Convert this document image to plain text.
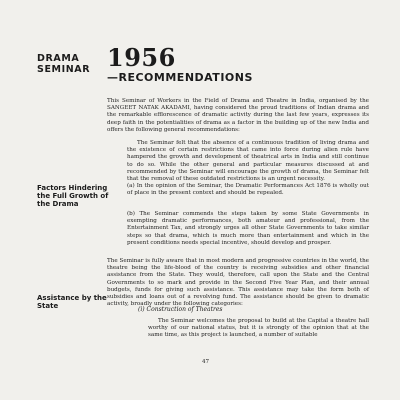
DRAMA
SEMINAR 1956
—RECOMMENDATIONS
This Seminar of Workers in the Field of Drama and Theatre in India, organised by the SANGEET NATAK AKADAMI, having considered the proud traditions of Indian drama and the remarkable efflorescence of dramatic activity during the last few years, expresses its deep faith in the potentialities of drama as a factor in the building up of the new India and offers the following general recommendations:
The Seminar felt that the absence of a continuous tradition of living drama and the existence of certain restrictions that came into force during alien rule have hampered the growth and development of theatrical arts in India and still continue to do so. While the other general and particular measures discussed at and recommended by the Seminar will encourage the growth of drama, the Seminar felt that the removal of these outdated restrictions is an urgent necessity.
Factors Hindering the Full Growth of the Drama
(a) In the opinion of the Seminar, the Dramatic Performances Act 1876 is wholly out of place in the present context and should be repealed.
(b) The Seminar commends the steps taken by some State Governments in exempting dramatic performances, both amateur and professional, from the Entertainment Tax, and strongly urges all other State Governments to take similar steps so that drama, which is much more than entertainment and which in the present conditions needs special incentive, should develop and prosper.
The Seminar is fully aware that in most modern and progressive countries in the world, the theatre being the life-blood of the country is receiving subsidies and other financial assistance from the State. They would, therefore, call upon the State and the Central Governments to so mark and provide in the Second Five Year Plan, and their annual budgets, funds for giving such assistance. This assistance may take the form both of subsidies and loans out of a revolving fund. The assistance should be given to dramatic activity, broadly under the following categories:
Assistance by the State	(i) Construction of Theatres
The Seminar welcomes the proposal to build at the Capital a theatre hall worthy of our national status, but it is strongly of the opinion that at the same time, as this project is launched, a number of suitable
47
